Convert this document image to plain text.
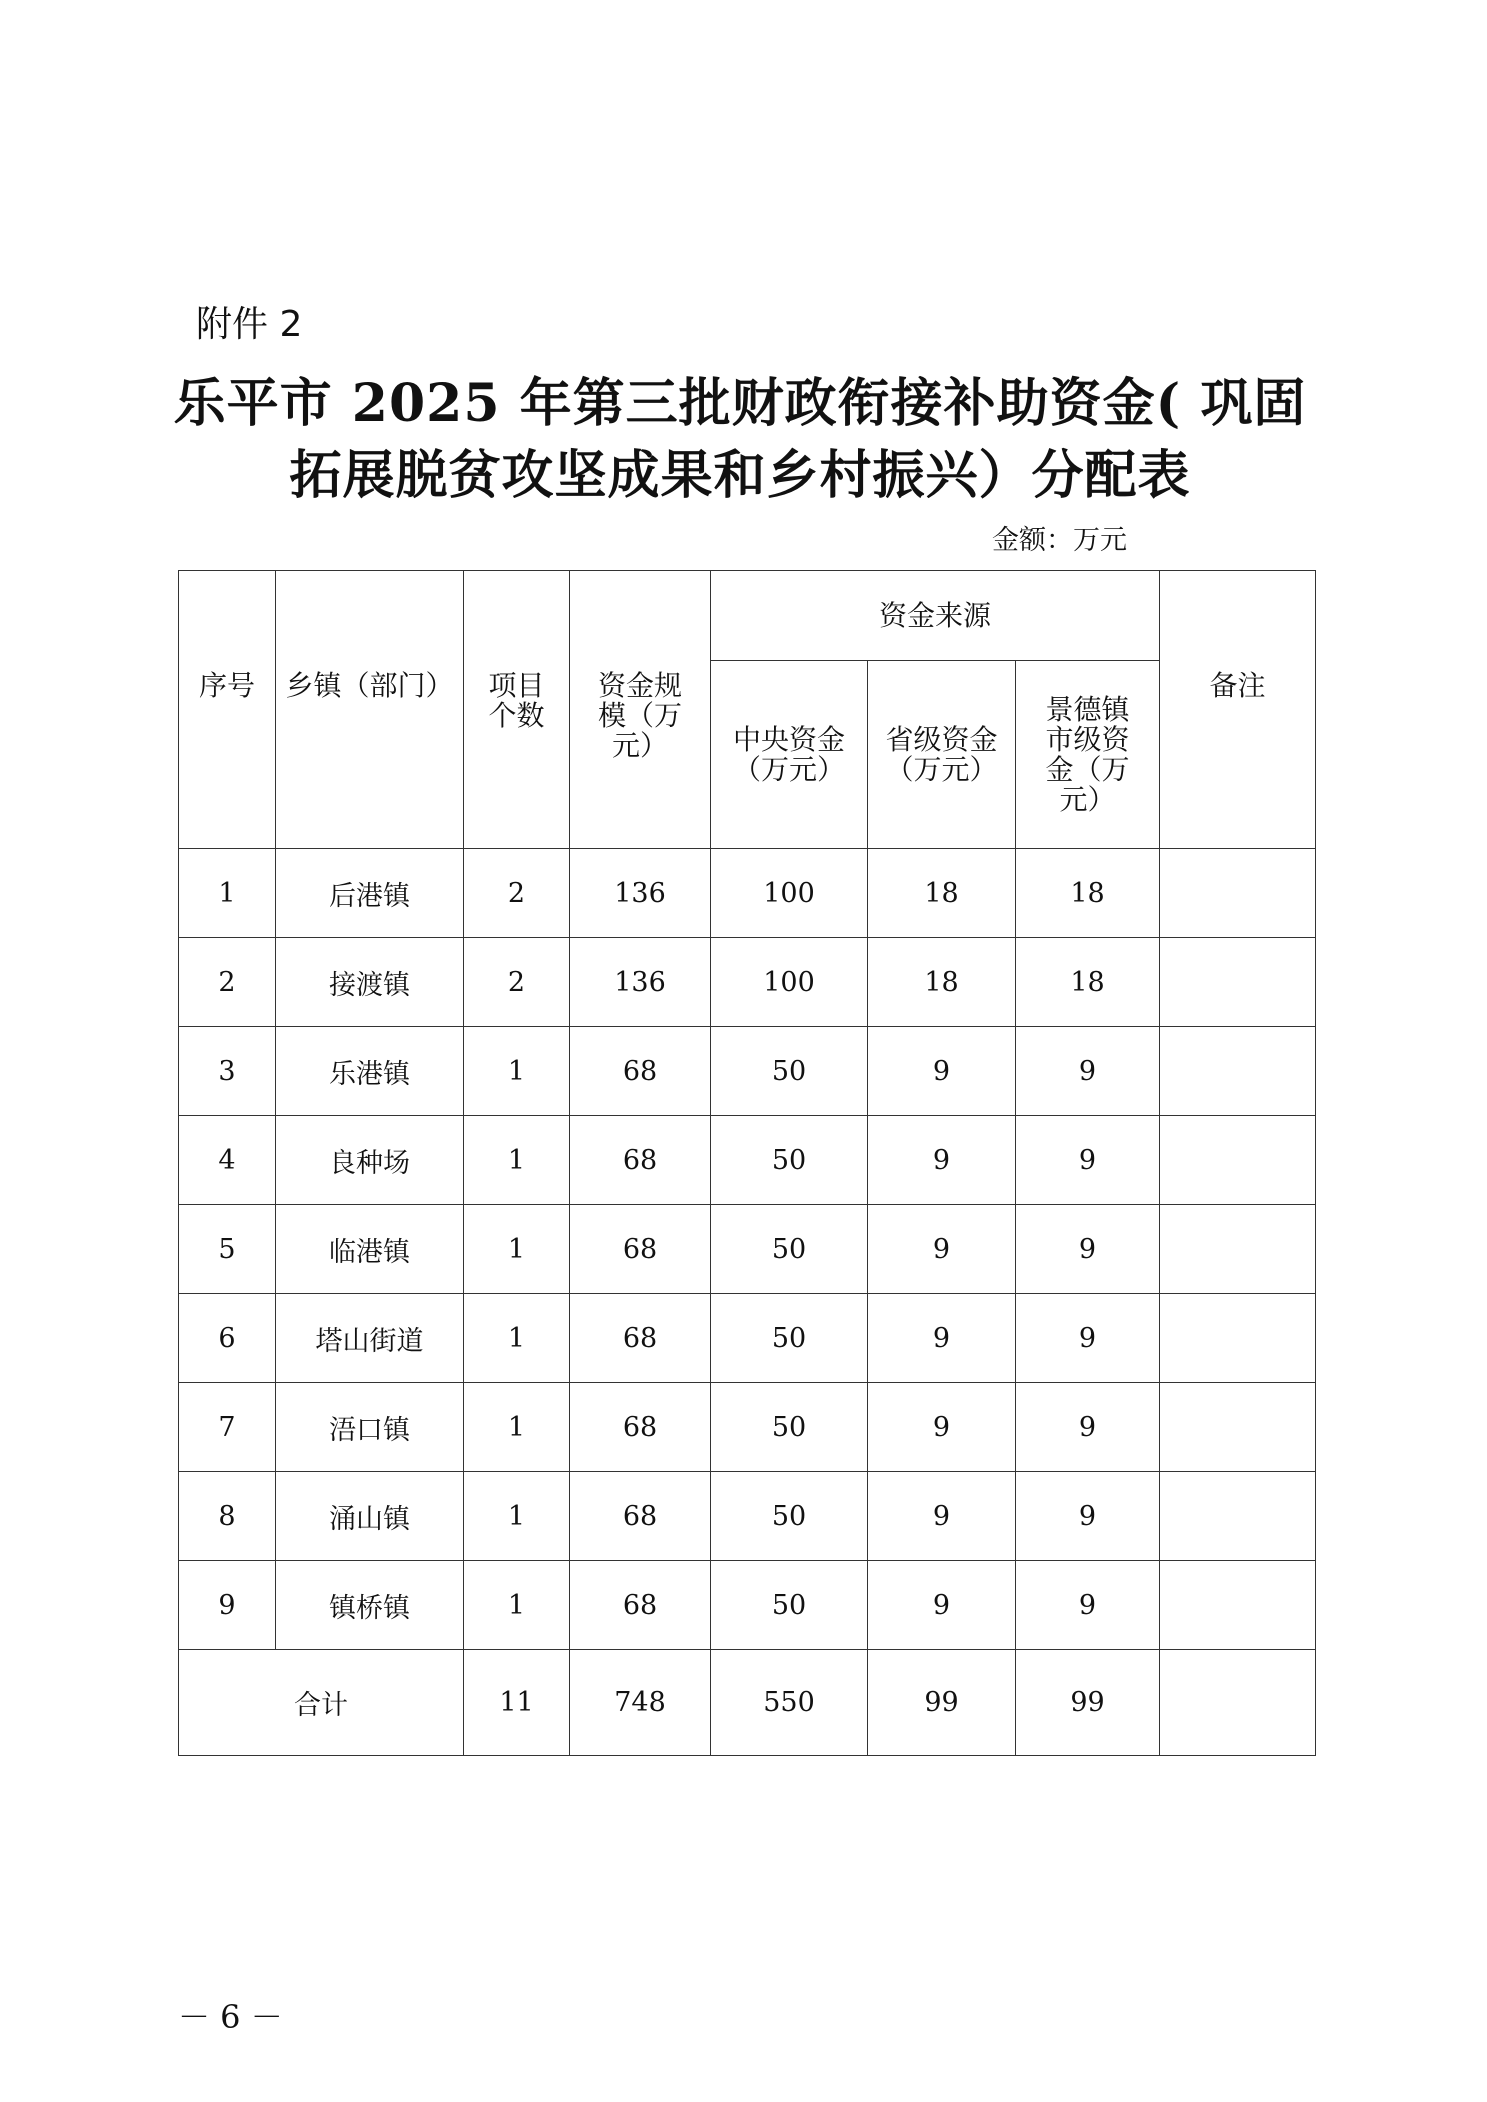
附件 2
乐平市 2025 年第三批财政衔接补助资金( 巩固
拓展脱贫攻坚成果和乡村振兴）分配表
金额：万元
序号	乡镇（部门）	项目个数	资金规模（万元）	资金来源			备注
				中央资金（万元）	省级资金（万元）	景德镇市级资金（万元）	
1	后港镇	2	136	100	18	18	
2	接渡镇	2	136	100	18	18	
3	乐港镇	1	68	50	9	9	
4	良种场	1	68	50	9	9	
5	临港镇	1	68	50	9	9	
6	塔山街道	1	68	50	9	9	
7	浯口镇	1	68	50	9	9	
8	涌山镇	1	68	50	9	9	
9	镇桥镇	1	68	50	9	9	
合计		11	748	550	99	99	
－ 6 －
